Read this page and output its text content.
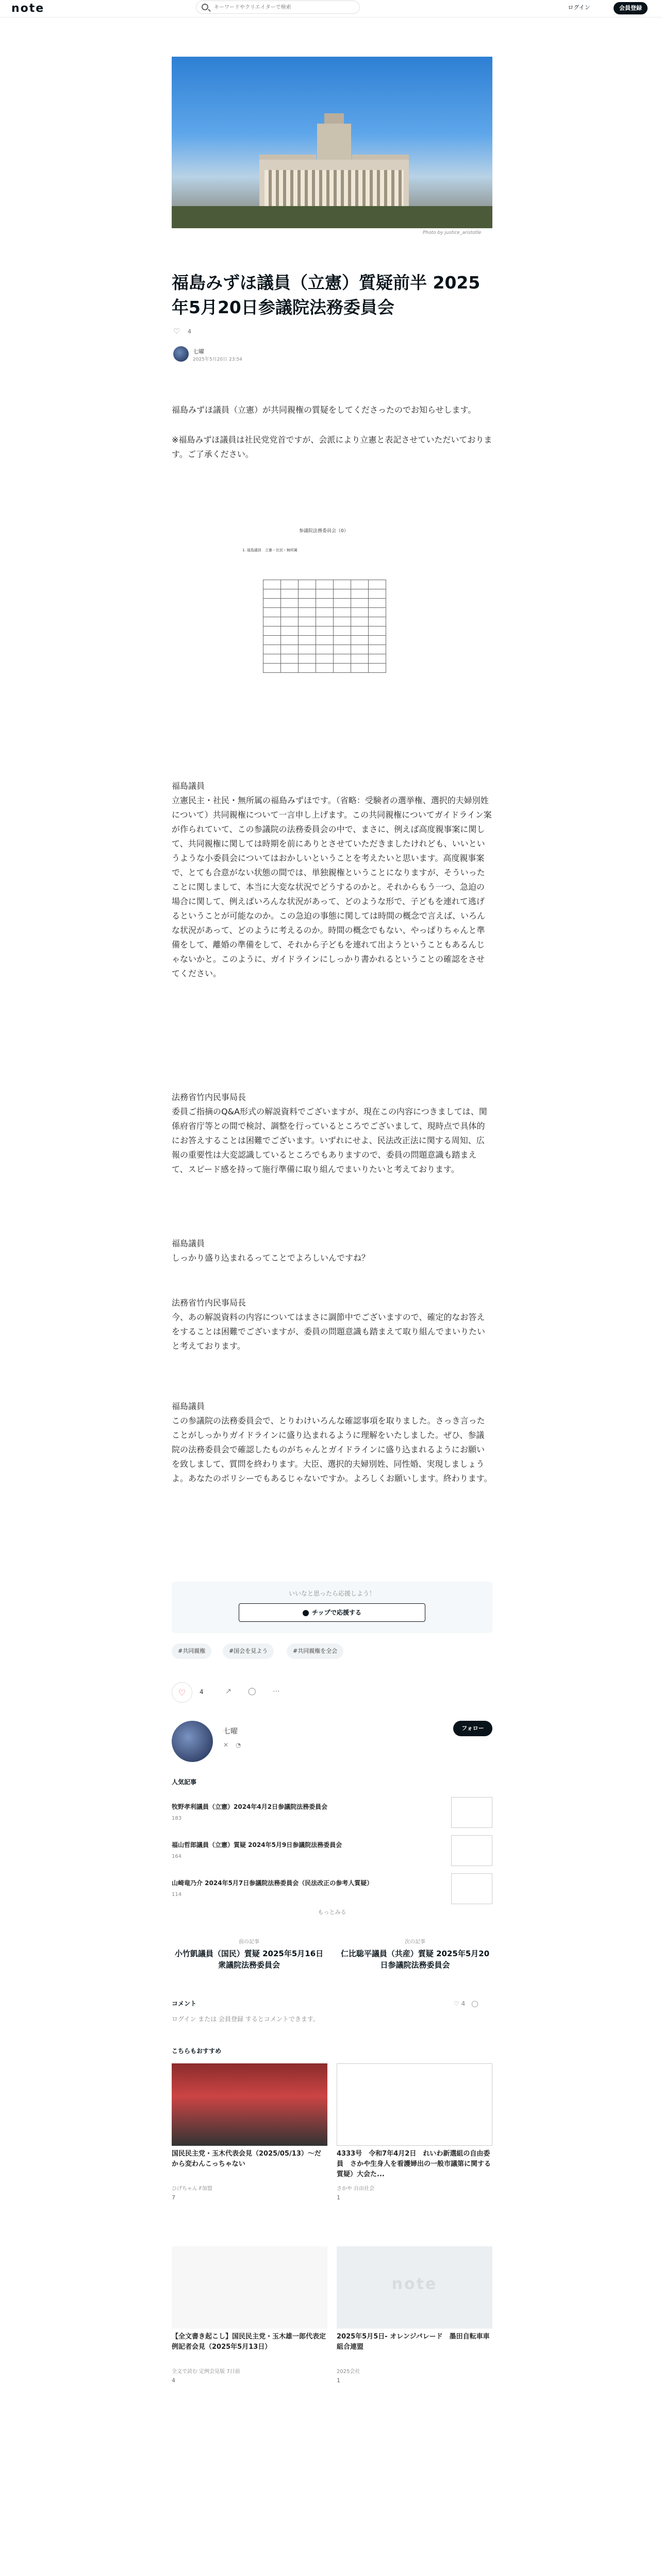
note
キーワードやクリエイターで検索	ログイン	会員登録
Photo by justice_aristotle
福島みずほ議員（立憲）質疑前半 2025年5月20日参議院法務委員会
♡ 4
七曜
2025年5月20日 23:54
福島みずほ議員（立憲）が共同親権の質疑をしてくださったのでお知らせします。
※福島みずほ議員は社民党党首ですが、会派により立憲と表記させていただいております。ご了承ください。
参議院法務委員会（0）
1. 福島議員　立憲・社民・無所属

福島議員
立憲民主・社民・無所属の福島みずほです。（省略：受験者の選挙権、選択的夫婦別姓について）共同親権について一言申し上げます。この共同親権についてガイドライン案が作られていて、この参議院の法務委員会の中で、まさに、例えば高度親事案に関して、共同親権に関しては時期を前にありとさせていただきましたけれども、いいというような小委員会についてはおかしいということを考えたいと思います。高度親事案で、とても合意がない状態の間では、単独親権ということになりますが、そういったことに関しまして、本当に大変な状況でどうするのかと。それからもう一つ、急迫の場合に関して、例えばいろんな状況があって、どのような形で、子どもを連れて逃げるということが可能なのか。この急迫の事態に関しては時間の概念で言えば、いろんな状況があって、どのように考えるのか。時間の概念でもない、やっぱりちゃんと準備をして、離婚の準備をして、それから子どもを連れて出ようということもあるんじゃないかと。このように、ガイドラインにしっかり書かれるということの確認をさせてください。
法務省竹内民事局長
委員ご指摘のQ&A形式の解説資料でございますが、現在この内容につきましては、関係府省庁等との間で検討、調整を行っているところでございまして、現時点で具体的にお答えすることは困難でございます。いずれにせよ、民法改正法に関する周知、広報の重要性は大変認識しているところでもありますので、委員の問題意識も踏まえて、スピード感を持って施行準備に取り組んでまいりたいと考えております。
福島議員
しっかり盛り込まれるってことでよろしいんですね？
法務省竹内民事局長
今、あの解説資料の内容についてはまさに調節中でございますので、確定的なお答えをすることは困難でございますが、委員の問題意識も踏まえて取り組んでまいりたいと考えております。
福島議員
この参議院の法務委員会で、とりわけいろんな確認事項を取りました。さっき言ったことがしっかりガイドラインに盛り込まれるように理解をいたしました。ぜひ、参議院の法務委員会で確認したものがちゃんとガイドラインに盛り込まれるようにお願いを致しまして、質問を終わります。大臣、選択的夫婦別姓、同性婚、実現しましょうよ。あなたのポリシーでもあるじゃないですか。よろしくお願いします。終わります。
いいなと思ったら応援しよう！
チップで応援する
#共同親権	#国会を見よう	#共同親権を全会
♡	4	↗ ◯ ⋯
七曜
✕ ◔
フォロー
人気記事
牧野孝利議員（立憲）2024年4月2日参議院法務委員会
183
福山哲郎議員（立憲）質疑 2024年5月9日参議院法務委員会
164
山崎竜乃介 2024年5月7日参議院法務委員会（民法改正の参考人質疑）
114
もっとみる
前の記事
小竹凱議員（国民）質疑 2025年5月16日衆議院法務委員会
次の記事
仁比聡平議員（共産）質疑 2025年5月20日参議院法務委員会
コメント	♡ 4　◯
ログイン または 会員登録 するとコメントできます。
こちらもおすすめ
国民民主党・玉木代表会見（2025/05/13）〜だから変わんこっちゃない
ひげちゃん F加盟
7
4333号　令和7年4月2日　れいわ新選組の自由委員　さかや生身人を看護婦出の一般市議第に関する質疑）大会た...
さかや 自由社会
1
【全文書き起こし】国民民主党・玉木雄一郎代表定例記者会見（2025年5月13日）
全文で読む 定例会見版 7日前
4
note
2025年5月5日- オレンジパレード　墨田自転車車組合連盟
2025会社
1
